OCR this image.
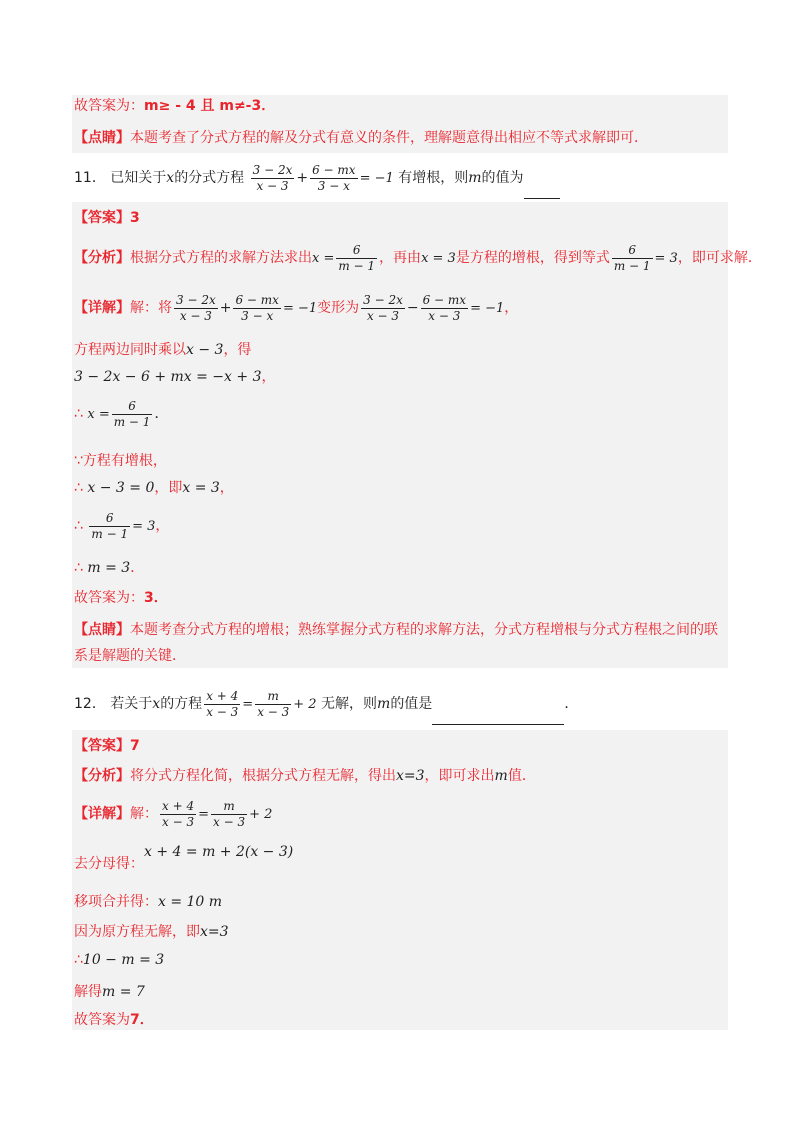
故答案为：m≥ - 4 且 m≠-3．
【点睛】本题考查了分式方程的解及分式有意义的条件，理解题意得出相应不等式求解即可．
11． 已知关于x的分式方程 $\frac{3 - 2x}{x - 3} + \frac{6 - mx}{3 - x} = -1$ 有增根，则m的值为
【答案】3
【分析】根据分式方程的求解方法求出$x = \frac{6}{m - 1}$ ，再由x = 3是方程的增根，得到等式 $\frac{6}{m - 1} = 3$，即可求解．
【详解】解：将 $\frac{3 - 2x}{x - 3} + \frac{6 - mx}{3 - x} = -1$变形为 $\frac{3 - 2x}{x - 3} - \frac{6 - mx}{x - 3} = -1$，
方程两边同时乘以x − 3，得
3 − 2x − 6 + mx = −x + 3，
∴ $x = \frac{6}{m - 1}$ ．
∵方程有增根，
∴ x − 3 = 0，即x = 3，
∴ $\frac{6}{m - 1} = 3$，
∴ m = 3．
故答案为：3．
【点睛】本题考查分式方程的增根；熟练掌握分式方程的求解方法，分式方程增根与分式方程根之间的联
系是解题的关键．
12． 若关于x的方程 $\frac{x + 4}{x - 3} = \frac{m}{x - 3} + 2$ 无解，则m的值是	．
【答案】7
【分析】将分式方程化简，根据分式方程无解，得出x=3，即可求出m值．
【详解】解： $\frac{x + 4}{x - 3} = \frac{m}{x - 3} + 2$
x + 4 = m + 2(x − 3)
去分母得：
移项合并得：x = 10 m
因为原方程无解，即x=3
∴10 − m = 3
解得m = 7
故答案为7．
